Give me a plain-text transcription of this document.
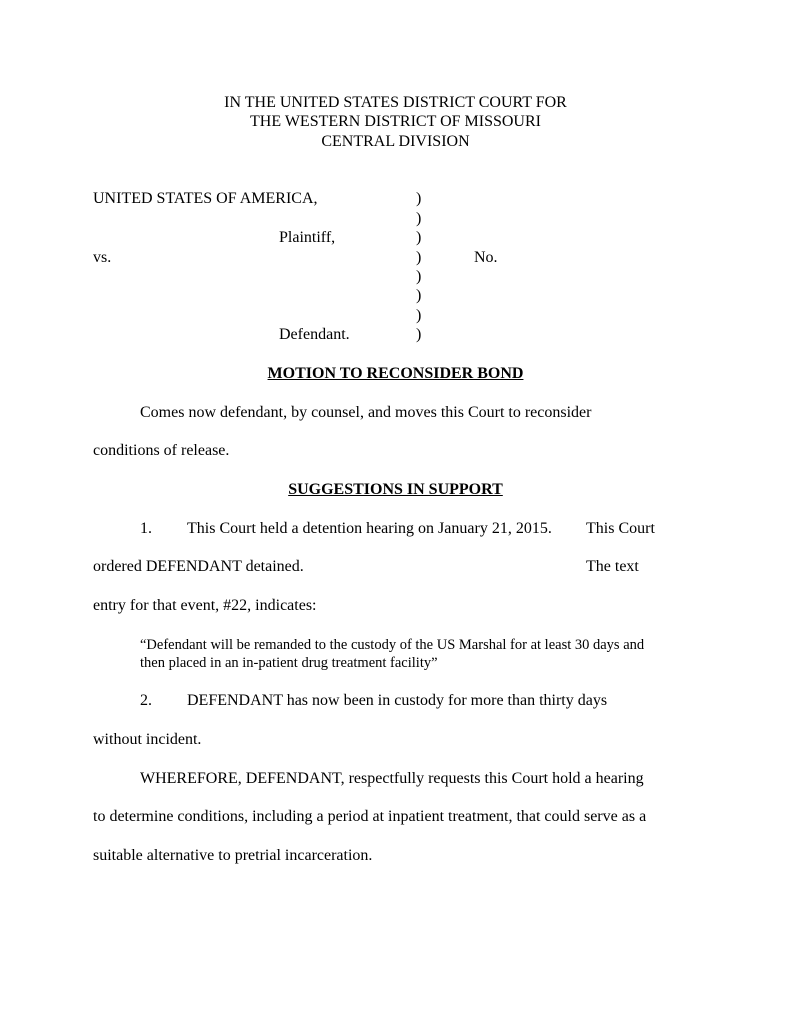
IN THE UNITED STATES DISTRICT COURT FOR
THE WESTERN DISTRICT OF MISSOURI
CENTRAL DIVISION
UNITED STATES OF AMERICA,
Plaintiff,
vs.	No.
Defendant.
)
)
)
)
)
)
)
)
MOTION TO RECONSIDER BOND
Comes now defendant, by counsel, and moves this Court to reconsider
conditions of release.
SUGGESTIONS IN SUPPORT
1. This Court held a detention hearing on January 21, 2015. This Court
ordered DEFENDANT detained.	The text
entry for that event, #22, indicates:
“Defendant will be remanded to the custody of the US Marshal for at least 30 days and
then placed in an in-patient drug treatment facility”
2. DEFENDANT has now been in custody for more than thirty days
without incident.
WHEREFORE, DEFENDANT, respectfully requests this Court hold a hearing
to determine conditions, including a period at inpatient treatment, that could serve as a
suitable alternative to pretrial incarceration.
